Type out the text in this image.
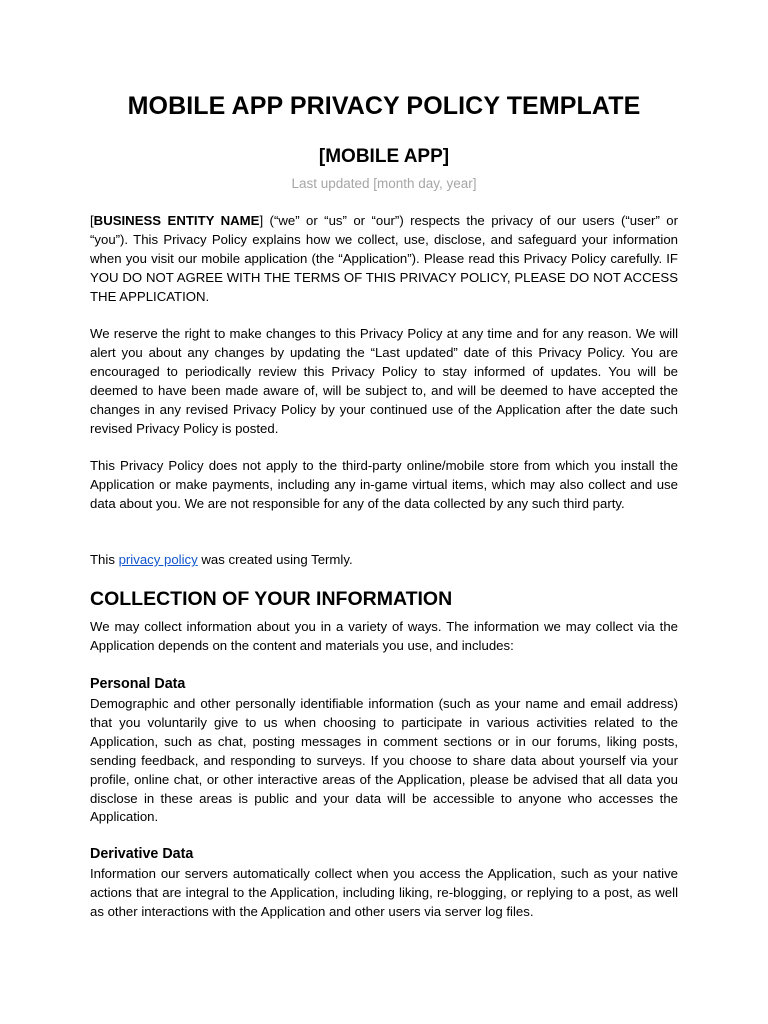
MOBILE APP PRIVACY POLICY TEMPLATE
[MOBILE APP]

Last updated [month day, year]

[BUSINESS ENTITY NAME] (“we” or “us” or “our”) respects the privacy of our users (“user” or “you”). This Privacy Policy explains how we collect, use, disclose, and safeguard your information when you visit our mobile application (the “Application”). Please read this Privacy Policy carefully. IF YOU DO NOT AGREE WITH THE TERMS OF THIS PRIVACY POLICY, PLEASE DO NOT ACCESS THE APPLICATION.

We reserve the right to make changes to this Privacy Policy at any time and for any reason. We will alert you about any changes by updating the “Last updated” date of this Privacy Policy. You are encouraged to periodically review this Privacy Policy to stay informed of updates. You will be deemed to have been made aware of, will be subject to, and will be deemed to have accepted the changes in any revised Privacy Policy by your continued use of the Application after the date such revised Privacy Policy is posted.

This Privacy Policy does not apply to the third-party online/mobile store from which you install the Application or make payments, including any in-game virtual items, which may also collect and use data about you. We are not responsible for any of the data collected by any such third party.

This privacy policy was created using Termly.

COLLECTION OF YOUR INFORMATION

We may collect information about you in a variety of ways. The information we may collect via the Application depends on the content and materials you use, and includes:

Personal Data

Demographic and other personally identifiable information (such as your name and email address) that you voluntarily give to us when choosing to participate in various activities related to the Application, such as chat, posting messages in comment sections or in our forums, liking posts, sending feedback, and responding to surveys. If you choose to share data about yourself via your profile, online chat, or other interactive areas of the Application, please be advised that all data you disclose in these areas is public and your data will be accessible to anyone who accesses the Application.

Derivative Data

Information our servers automatically collect when you access the Application, such as your native actions that are integral to the Application, including liking, re-blogging, or replying to a post, as well as other interactions with the Application and other users via server log files.
